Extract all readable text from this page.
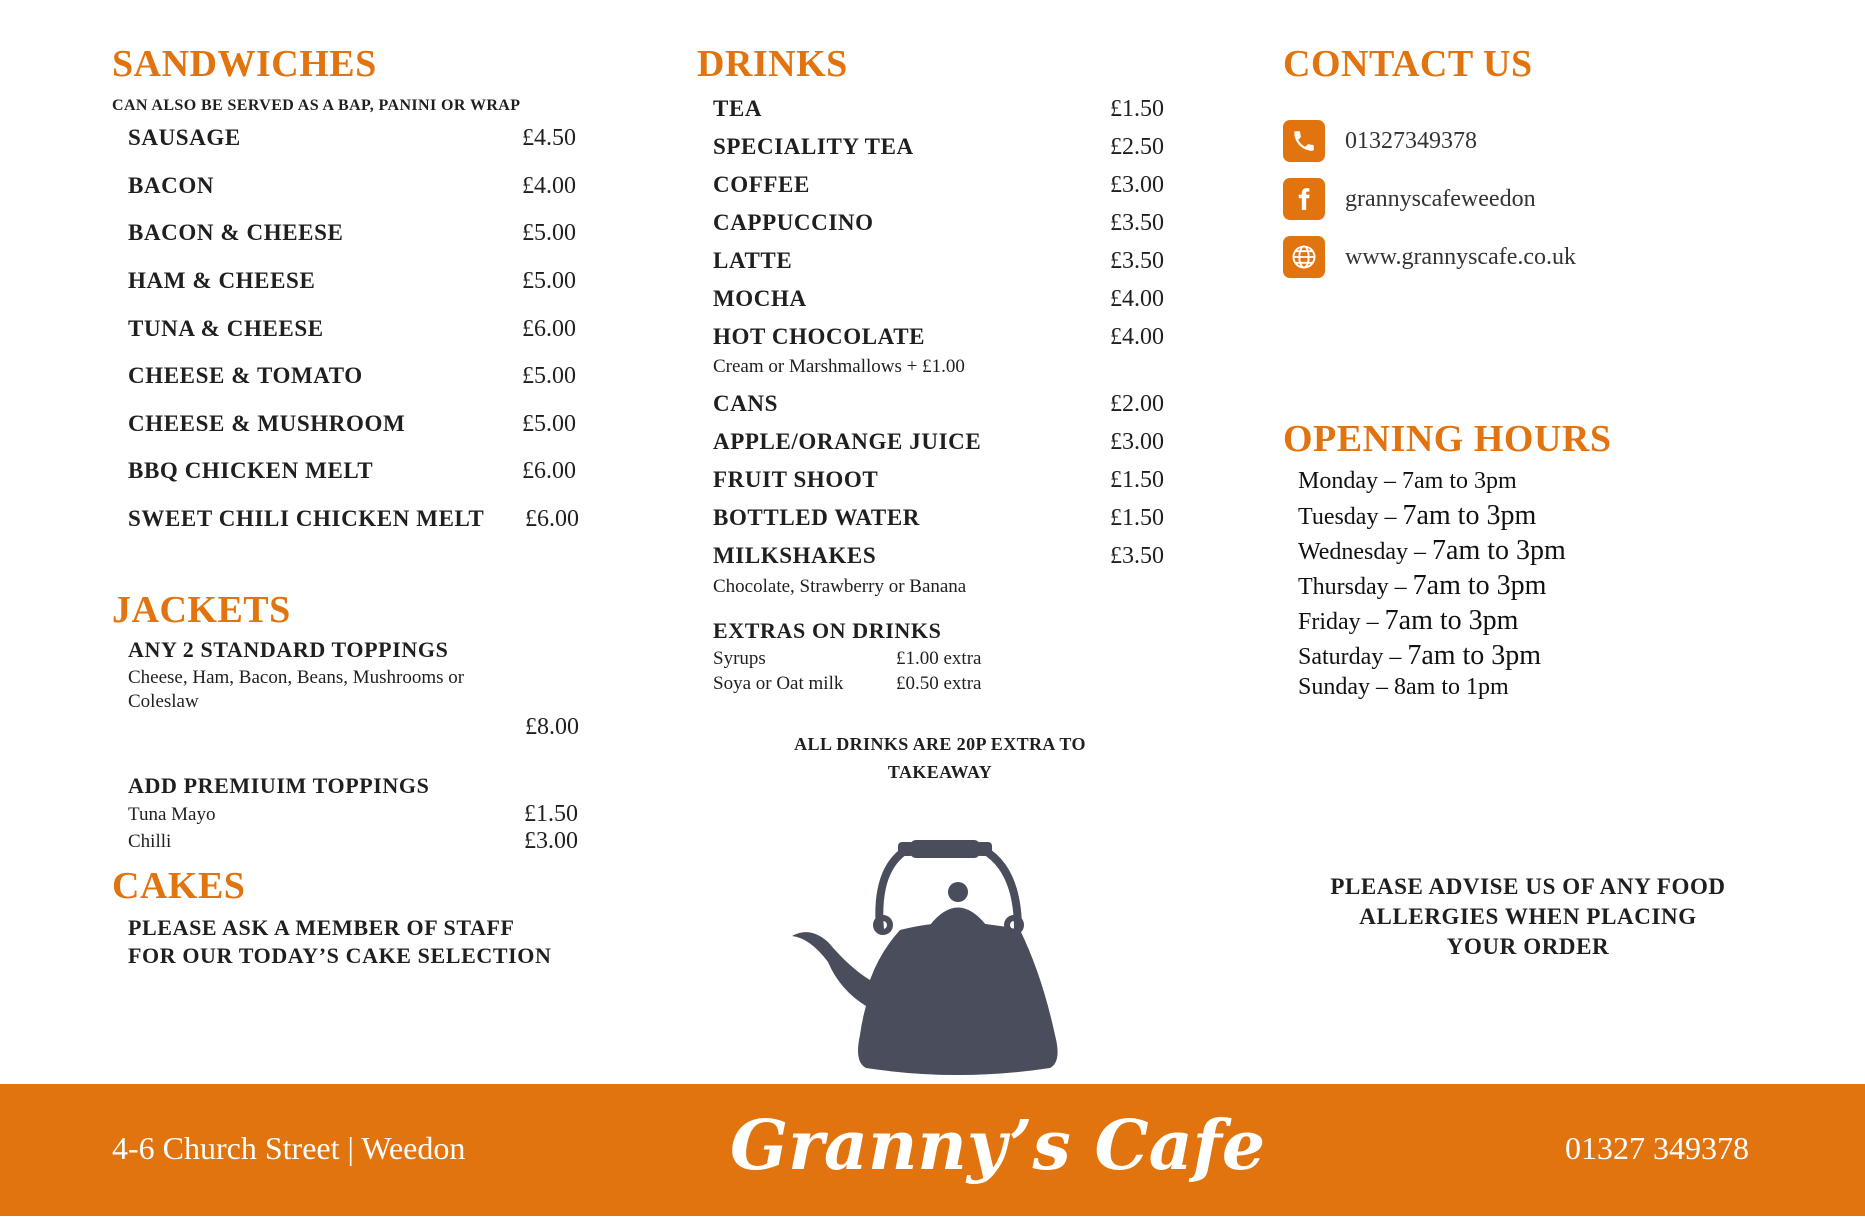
SANDWICHES
CAN ALSO BE SERVED AS A BAP, PANINI OR WRAP
SAUSAGE	£4.50
BACON	£4.00
BACON & CHEESE	£5.00
HAM & CHEESE	£5.00
TUNA & CHEESE	£6.00
CHEESE & TOMATO	£5.00
CHEESE & MUSHROOM	£5.00
BBQ CHICKEN MELT	£6.00
SWEET CHILI CHICKEN MELT £6.00
JACKETS
ANY 2 STANDARD TOPPINGS
Cheese, Ham, Bacon, Beans, Mushrooms or
Coleslaw
£8.00
ADD PREMIUIM TOPPINGS
Tuna Mayo	£1.50
Chilli	£3.00
CAKES
PLEASE ASK A MEMBER OF STAFF
FOR OUR TODAY’S CAKE SELECTION
DRINKS
TEA	£1.50
SPECIALITY TEA	£2.50
COFFEE	£3.00
CAPPUCCINO	£3.50
LATTE	£3.50
MOCHA	£4.00
HOT CHOCOLATE	£4.00
Cream or Marshmallows + £1.00
CANS	£2.00
APPLE/ORANGE JUICE	£3.00
FRUIT SHOOT	£1.50
BOTTLED WATER	£1.50
MILKSHAKES	£3.50
Chocolate, Strawberry or Banana
EXTRAS ON DRINKS
Syrups	£1.00 extra
Soya or Oat milk	£0.50 extra
ALL DRINKS ARE 20P EXTRA TO
TAKEAWAY
CONTACT US
01327349378
grannyscafeweedon
www.grannyscafe.co.uk
OPENING HOURS
Monday – 7am to 3pm
Tuesday – 7am to 3pm
Wednesday – 7am to 3pm
Thursday – 7am to 3pm
Friday – 7am to 3pm
Saturday – 7am to 3pm
Sunday – 8am to 1pm
PLEASE ADVISE US OF ANY FOOD
ALLERGIES WHEN PLACING
YOUR ORDER
4-6 Church Street | Weedon	Granny’s Cafe	01327 349378
